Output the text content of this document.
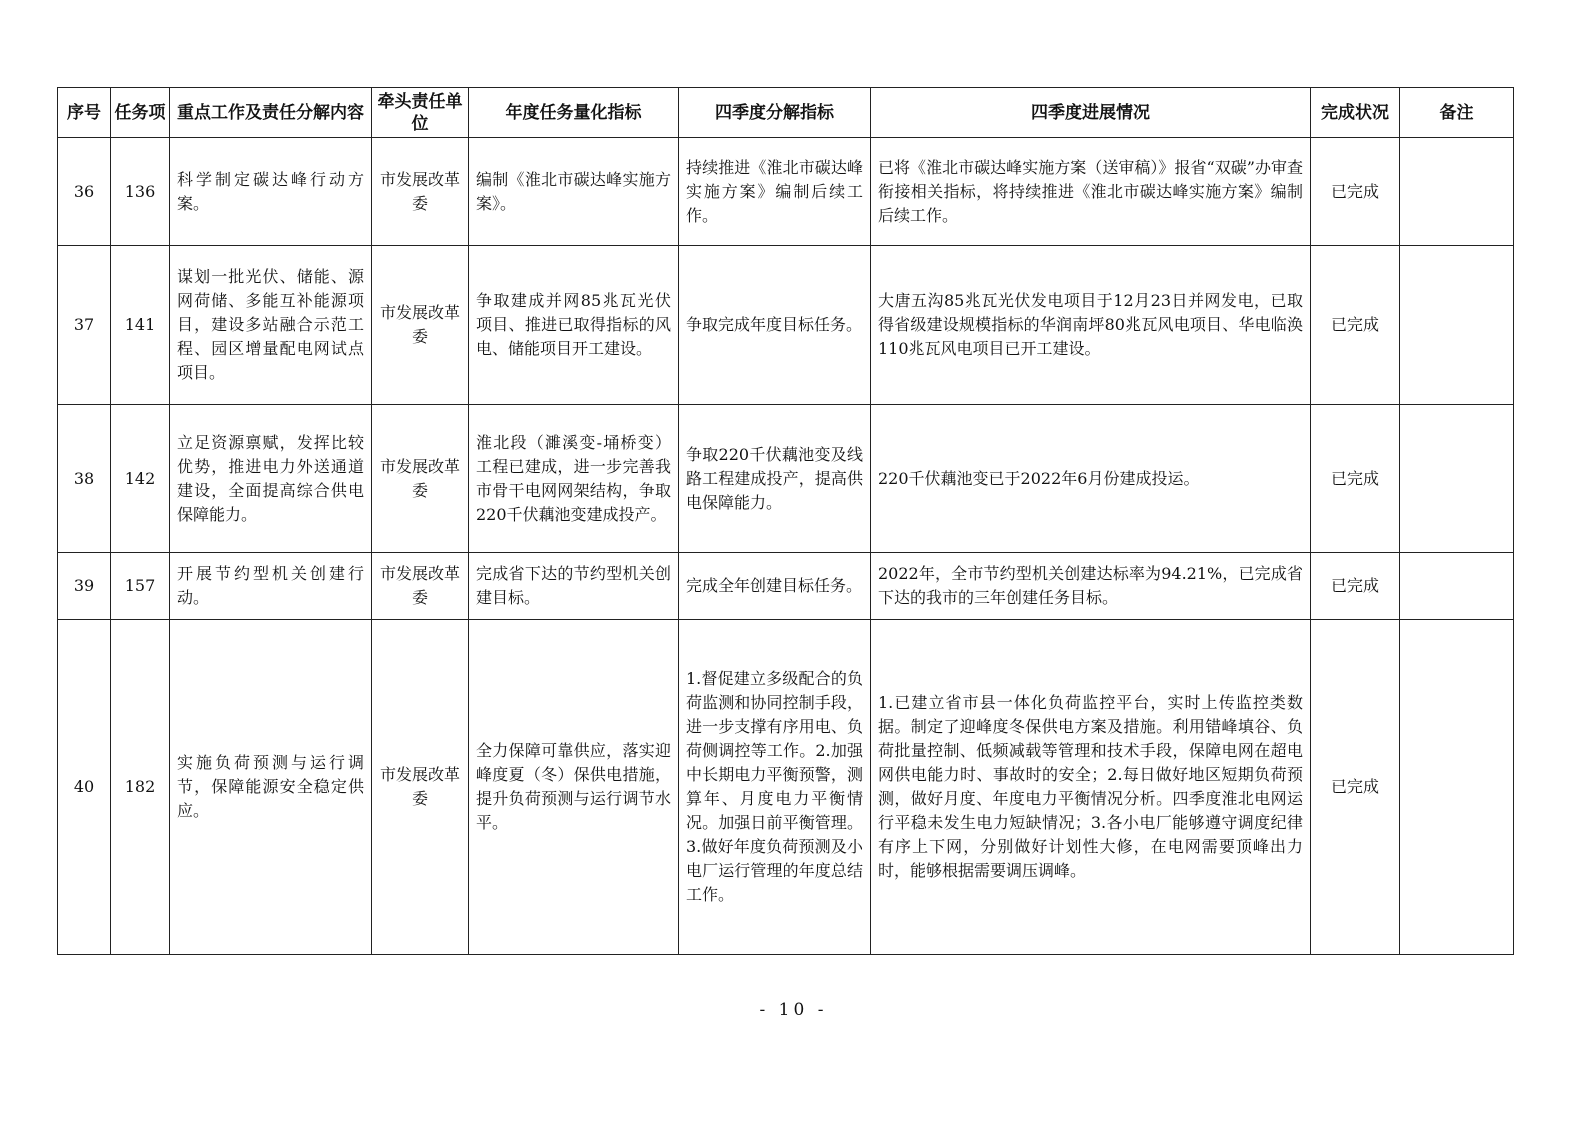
序号	任务项	重点工作及责任分解内容	牵头责任单位	年度任务量化指标	四季度分解指标	四季度进展情况	完成状况	备注
36	136	科学制定碳达峰行动方案。	市发展改革委	编制《淮北市碳达峰实施方案》。	持续推进《淮北市碳达峰实施方案》编制后续工作。	已将《淮北市碳达峰实施方案（送审稿）》报省“双碳”办审查衔接相关指标，将持续推进《淮北市碳达峰实施方案》编制后续工作。	已完成	
37	141	谋划一批光伏、储能、源网荷储、多能互补能源项目，建设多站融合示范工程、园区增量配电网试点项目。	市发展改革委	争取建成并网85兆瓦光伏项目、推进已取得指标的风电、储能项目开工建设。	争取完成年度目标任务。	大唐五沟85兆瓦光伏发电项目于12月23日并网发电，已取得省级建设规模指标的华润南坪80兆瓦风电项目、华电临涣110兆瓦风电项目已开工建设。	已完成	
38	142	立足资源禀赋，发挥比较优势，推进电力外送通道建设，全面提高综合供电保障能力。	市发展改革委	淮北段（濉溪变-埇桥变）工程已建成，进一步完善我市骨干电网网架结构，争取220千伏藕池变建成投产。	争取220千伏藕池变及线路工程建成投产，提高供电保障能力。	220千伏藕池变已于2022年6月份建成投运。	已完成	
39	157	开展节约型机关创建行动。	市发展改革委	完成省下达的节约型机关创建目标。	完成全年创建目标任务。	2022年，全市节约型机关创建达标率为94.21%，已完成省下达的我市的三年创建任务目标。	已完成	
40	182	实施负荷预测与运行调节，保障能源安全稳定供应。	市发展改革委	全力保障可靠供应，落实迎峰度夏（冬）保供电措施，提升负荷预测与运行调节水平。	1.督促建立多级配合的负荷监测和协同控制手段，进一步支撑有序用电、负荷侧调控等工作。2.加强中长期电力平衡预警，测算年、月度电力平衡情况。加强日前平衡管理。3.做好年度负荷预测及小电厂运行管理的年度总结工作。	1.已建立省市县一体化负荷监控平台，实时上传监控类数据。制定了迎峰度冬保供电方案及措施。利用错峰填谷、负荷批量控制、低频减载等管理和技术手段，保障电网在超电网供电能力时、事故时的安全；2.每日做好地区短期负荷预测，做好月度、年度电力平衡情况分析。四季度淮北电网运行平稳未发生电力短缺情况；3.各小电厂能够遵守调度纪律有序上下网，分别做好计划性大修，在电网需要顶峰出力时，能够根据需要调压调峰。	已完成	
- 10 -
